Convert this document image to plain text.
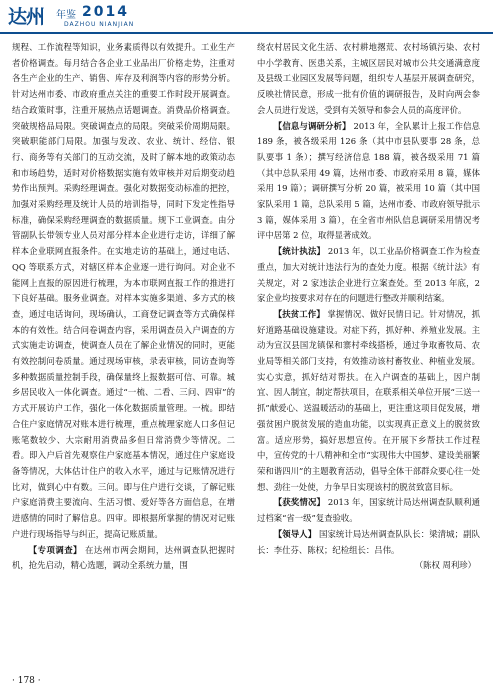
达州 年鉴 2014
DAZHOU NIANJIAN

规程、工作流程等知识，业务素质得以有效提升。工业生产者价格调查。每月结合各企业工业品出厂价格走势，注重对各生产企业的生产、销售、库存及利润等内容的形势分析。针对达州市委、市政府重点关注的重要工作时段开展调查。结合政策时事，注重开展热点话题调查。消费品价格调查。突破规格品局限。突破调查点的局限。突破采价周期局限。突破职能部门局限。加强与发改、农业、统计、经信、银行、商务等有关部门的互动交流，及时了解本地的政策动态和市场趋势，适时对价格数据实施有效审核并对后期变动趋势作出预判。采购经理调查。强化对数据变动标准的把控，加强对采购经理及统计人员的培训指导，同时下发定性指导标准，确保采购经理调查的数据质量。规下工业调查。由分管副队长带领专业人员对部分样本企业进行走访，详细了解样本企业联网直报条件。在实地走访的基础上，通过电话、QQ 等联系方式，对辖区样本企业逐一进行询问。对企业不能网上直报的原因进行梳理，为本市联网直报工作的推进打下良好基础。服务业调查。对样本实施多渠道、多方式的核查，通过电话询问，现场确认，工商登记调查等方式确保样本的有效性。结合问卷调查内容，采用调查员入户调查的方式实施走访调查，使调查人员在了解企业情况的同时，更能有效控制问卷质量。通过现场审核，录表审核，同访查询等多种数据质量控制手段，确保量终上报数据可信、可靠。城乡居民收入一体化调查。通过“一梳、二看、三问、四审”的方式开展访户工作，强化一体化数据质量管理。一梳。即结合住户家庭情况对账本进行梳理，重点梳理家庭人口多但记账笔数较少、大宗耐用消费品多但日常消费少等情况。二看。即入户后首先观察住户家庭基本情况，通过住户家庭设备等情况，大体估计住户的收入水平，通过与记账情况进行比对，做到心中有数。三问。即与住户进行交谈，了解记账户家庭消费主要流向、生活习惯、爱好等各方面信息，在增进感情的同时了解信息。四审。即根据所掌握的情况对记账户进行现场指导与纠正，提高记账质量。

【专项调查】 在达州市两会期间，达州调查队把握时机，抢先启动，精心选题，调动全系统力量，围

绕农村居民文化生活、农村耕地撂荒、农村场镇污染、农村中小学教育、医患关系，主城区居民对城市公共交通满意度及县级工业园区发展等问题，组织专人基层开展调查研究，反映社情民意，形成一批有价值的调研报告，及时向两会参会人员进行发送，受到有关领导和参会人员的高度评价。

【信息与调研分析】 2013 年，全队累计上报工作信息 189 条，被各级采用 126 条（其中市县队要事 28 条，总队要事 1 条）；撰写经济信息 188 篇，被各级采用 71 篇（其中总队采用 49 篇，达州市委、市政府采用 8 篇，媒体采用 19 篇）；调研撰写分析 20 篇，被采用 10 篇（其中国家队采用 1 篇，总队采用 5 篇，达州市委、市政府领导批示 3 篇，媒体采用 3 篇），在全省市州队信息调研采用情况考评中居第 2 位，取得显著成效。

【统计执法】 2013 年，以工业品价格调查工作为检查重点，加大对统计违法行为的查处力度。根据《统计法》有关规定，对 2 家违法企业进行立案查处。至 2013 年底，2 家企业均按要求对存在的问题进行整改并顺利结案。

【扶贫工作】 掌握情况、做好民情日记。针对情况，抓好道路基础设施建设。对症下药，抓好种、养殖业发展。主动为宣汉县国龙镇保和寨村牵线搭桥，通过争取畜牧局、农业局等相关部门支持，有效推动该村畜牧业、种植业发展。实心实意，抓好结对帮扶。在入户调查的基础上，因户制宜、因人制宜，制定帮扶项目，在联系相关单位开展“三送一抓”献爱心、送温暖活动的基础上，更注重这项目促发展，增强贫困户脱贫发展的造血功能，以实现真正意义上的脱贫致富。适应形势，搞好思想宣传。在开展下乡帮扶工作过程中，宣传党的十八精神和全市“实现伟大中国梦、建设美丽繁荣和谐四川”的主题教育活动，倡导全体干部群众要心往一处想、劲往一处使，力争早日实现该村的脱贫致富目标。

【获奖情况】 2013 年，国家统计局达州调查队顺利通过档案“省一级”复查验收。

【领导人】 国家统计局达州调查队队长：梁清城；副队长：李仕芬、陈权；纪检组长：吕伟。

（陈权 周利珍）

· 178 ·
